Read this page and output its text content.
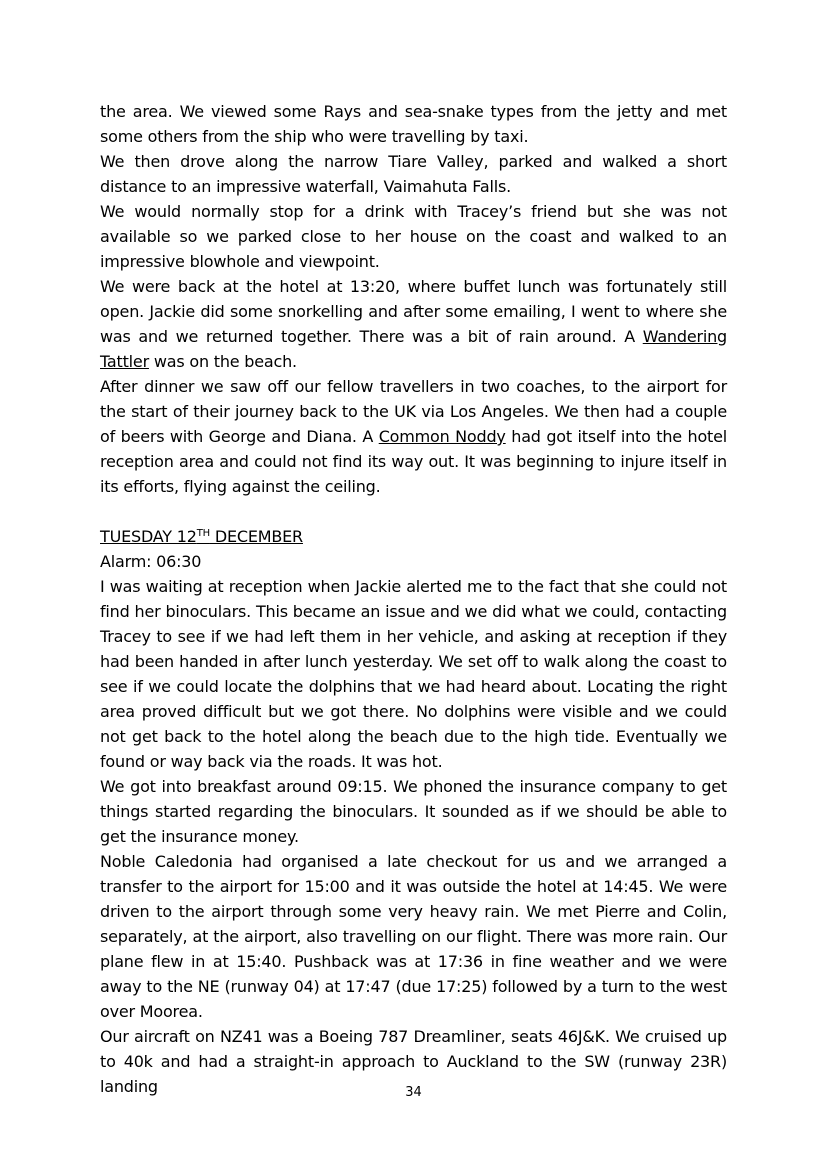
the area. We viewed some Rays and sea-snake types from the jetty and met some others from the ship who were travelling by taxi.

We then drove along the narrow Tiare Valley, parked and walked a short distance to an impressive waterfall, Vaimahuta Falls.

We would normally stop for a drink with Tracey’s friend but she was not available so we parked close to her house on the coast and walked to an impressive blowhole and viewpoint.

We were back at the hotel at 13:20, where buffet lunch was fortunately still open. Jackie did some snorkelling and after some emailing, I went to where she was and we returned together. There was a bit of rain around. A Wandering Tattler was on the beach.

After dinner we saw off our fellow travellers in two coaches, to the airport for the start of their journey back to the UK via Los Angeles. We then had a couple of beers with George and Diana. A Common Noddy had got itself into the hotel reception area and could not find its way out. It was beginning to injure itself in its efforts, flying against the ceiling.

TUESDAY 12TH DECEMBER

Alarm: 06:30

I was waiting at reception when Jackie alerted me to the fact that she could not find her binoculars. This became an issue and we did what we could, contacting Tracey to see if we had left them in her vehicle, and asking at reception if they had been handed in after lunch yesterday. We set off to walk along the coast to see if we could locate the dolphins that we had heard about. Locating the right area proved difficult but we got there. No dolphins were visible and we could not get back to the hotel along the beach due to the high tide. Eventually we found or way back via the roads. It was hot.

We got into breakfast around 09:15. We phoned the insurance company to get things started regarding the binoculars. It sounded as if we should be able to get the insurance money.

Noble Caledonia had organised a late checkout for us and we arranged a transfer to the airport for 15:00 and it was outside the hotel at 14:45. We were driven to the airport through some very heavy rain. We met Pierre and Colin, separately, at the airport, also travelling on our flight. There was more rain. Our plane flew in at 15:40. Pushback was at 17:36 in fine weather and we were away to the NE (runway 04) at 17:47 (due 17:25) followed by a turn to the west over Moorea.

Our aircraft on NZ41 was a Boeing 787 Dreamliner, seats 46J&K. We cruised up to 40k and had a straight-in approach to Auckland to the SW (runway 23R) landing	34
